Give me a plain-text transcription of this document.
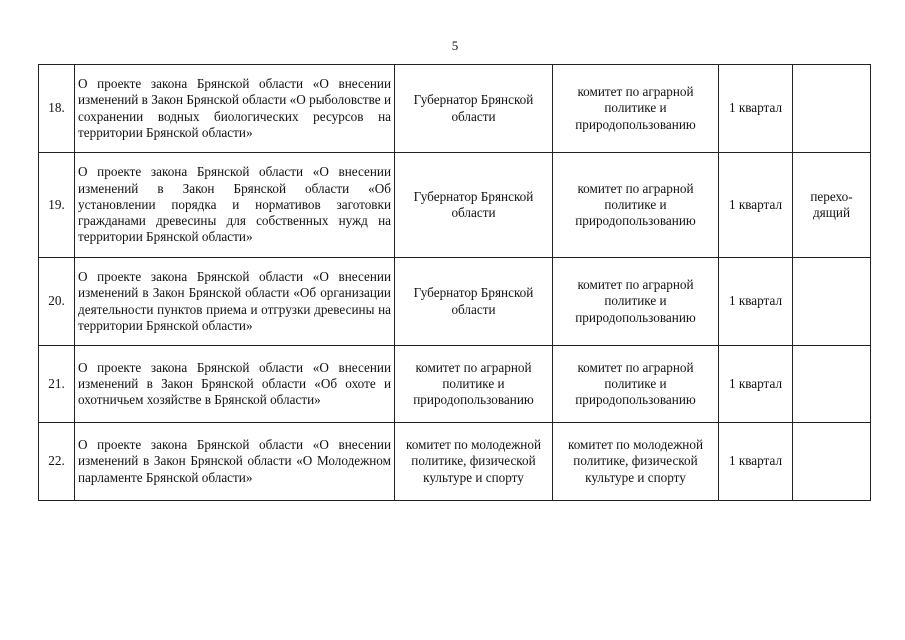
5
18.	О проекте закона Брянской области «О внесении изменений в Закон Брянской области «О рыболовстве и сохранении водных биологических ресурсов на территории Брянской области»	Губернатор Брянской области	комитет по аграрной политике и природопользованию	1 квартал	
19.	О проекте закона Брянской области «О внесении изменений в Закон Брянской области «Об установлении порядка и нормативов заготовки гражданами древесины для собственных нужд на территории Брянской области»	Губернатор Брянской области	комитет по аграрной политике и природопользованию	1 квартал	перехо-дящий
20.	О проекте закона Брянской области «О внесении изменений в Закон Брянской области «Об организации деятельности пунктов приема и отгрузки древесины на территории Брянской области»	Губернатор Брянской области	комитет по аграрной политике и природопользованию	1 квартал	
21.	О проекте закона Брянской области «О внесении изменений в Закон Брянской области «Об охоте и охотничьем хозяйстве в Брянской области»	комитет по аграрной политике и природопользованию	комитет по аграрной политике и природопользованию	1 квартал	
22.	О проекте закона Брянской области «О внесении изменений в Закон Брянской области «О Молодежном парламенте Брянской области»	комитет по молодежной политике, физической культуре и спорту	комитет по молодежной политике, физической культуре и спорту	1 квартал	
